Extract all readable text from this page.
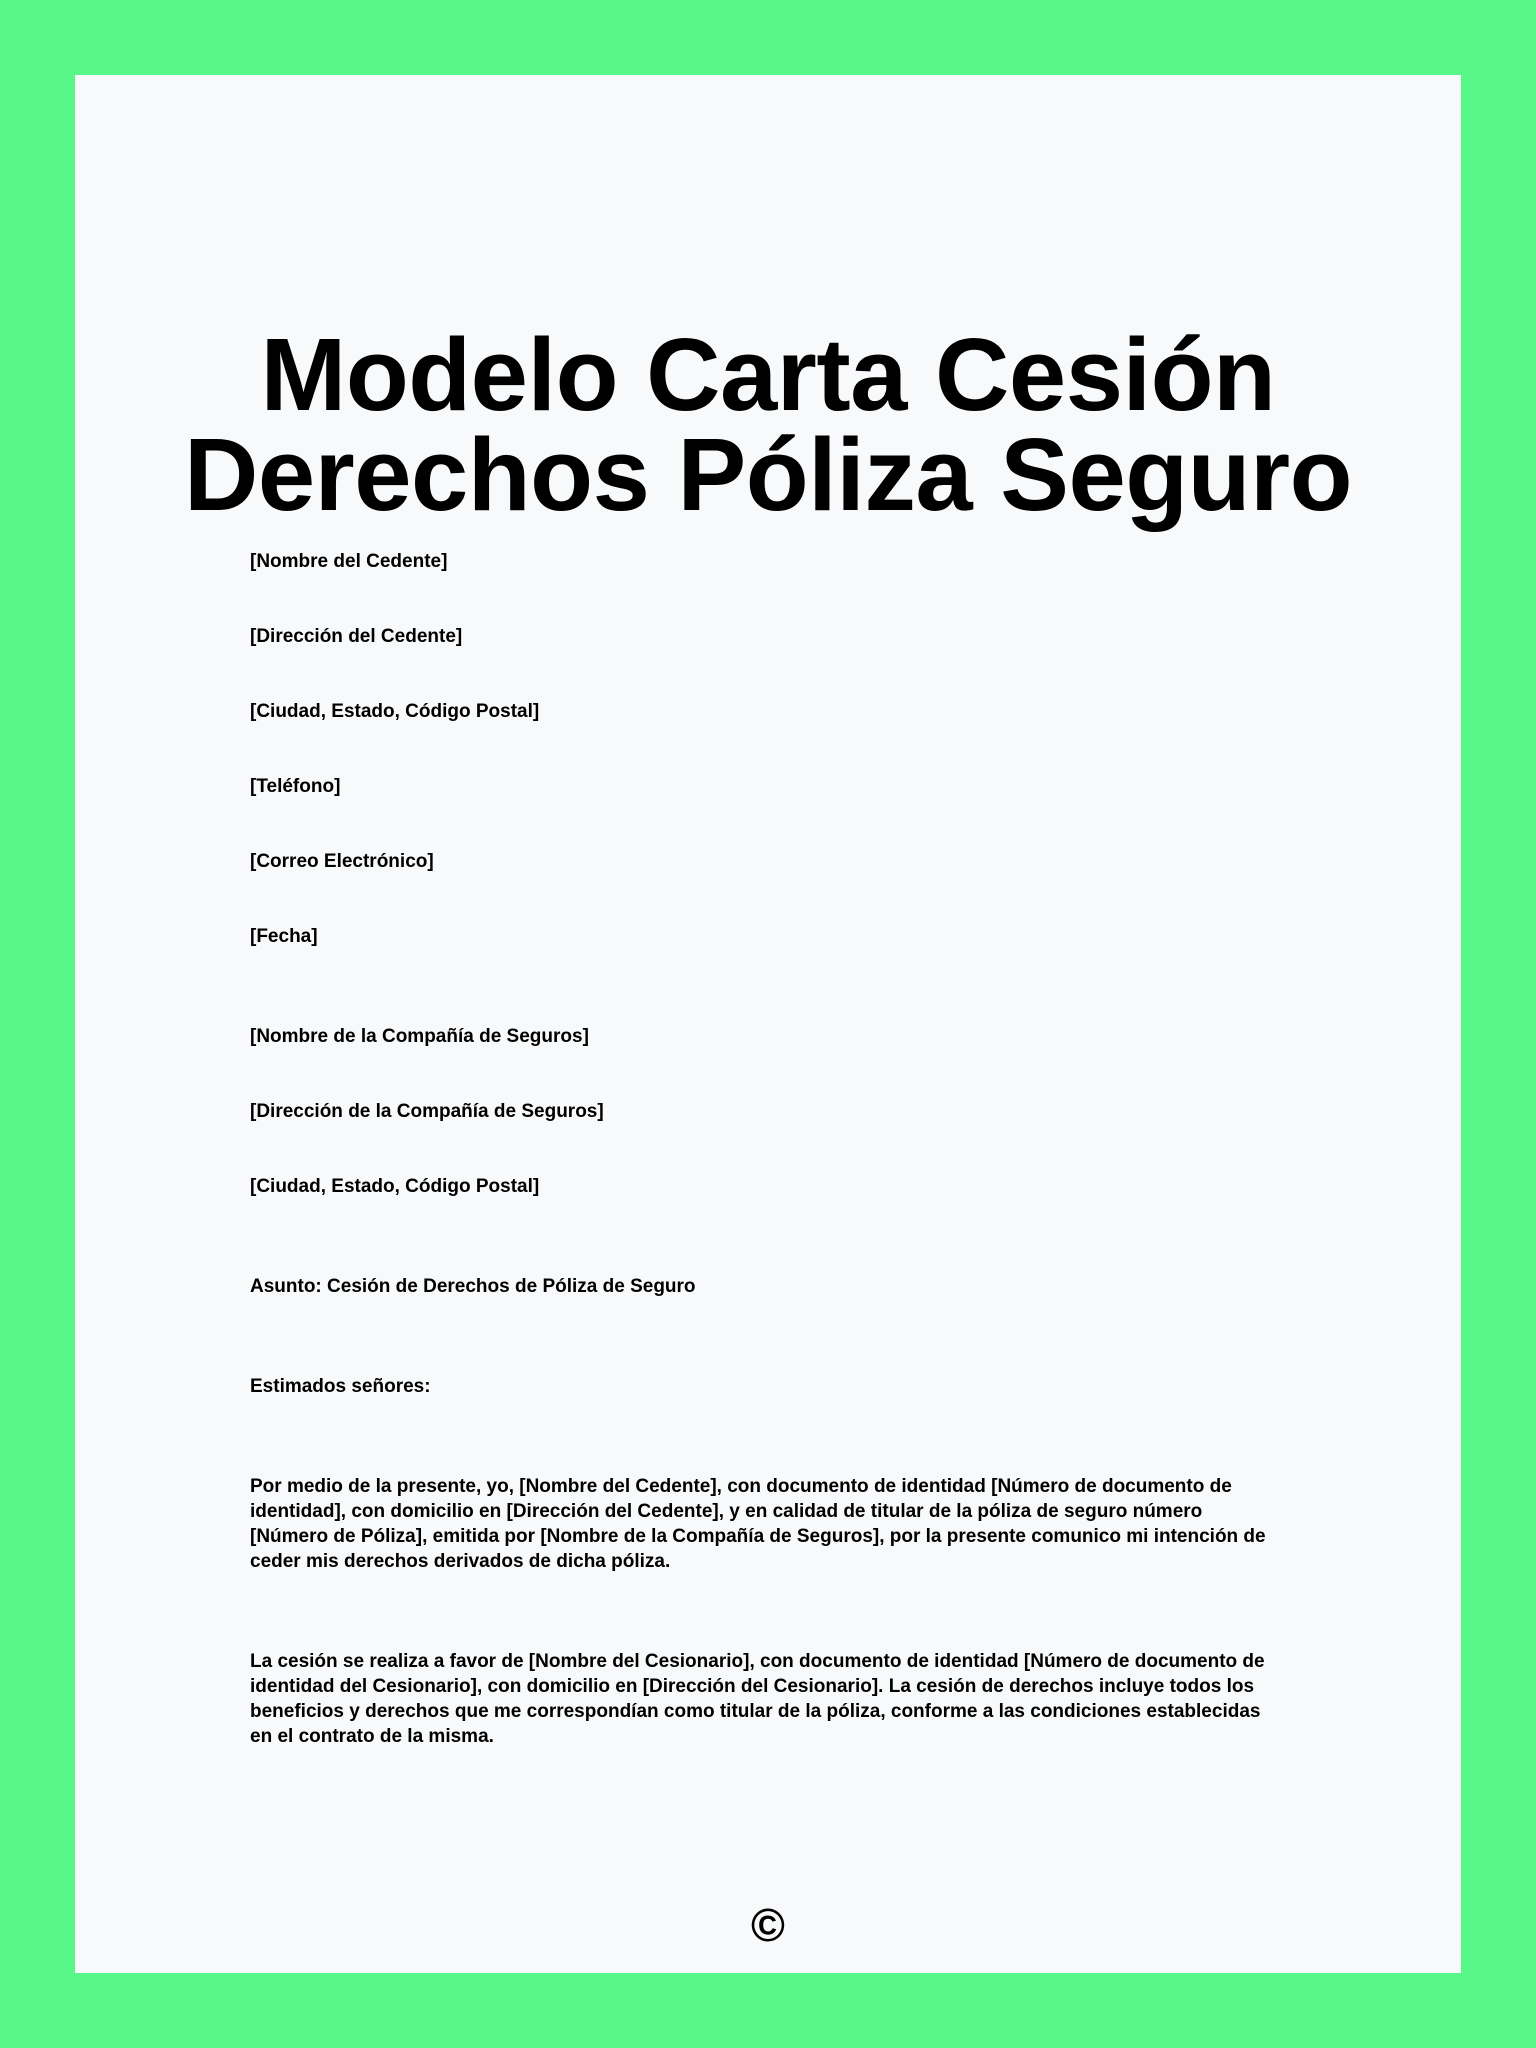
Modelo Carta Cesión
Derechos Póliza Seguro

[Nombre del Cedente]

[Dirección del Cedente]

[Ciudad, Estado, Código Postal]

[Teléfono]

[Correo Electrónico]

[Fecha]

[Nombre de la Compañía de Seguros]

[Dirección de la Compañía de Seguros]

[Ciudad, Estado, Código Postal]

Asunto: Cesión de Derechos de Póliza de Seguro

Estimados señores:

Por medio de la presente, yo, [Nombre del Cedente], con documento de identidad [Número de documento de identidad], con domicilio en [Dirección del Cedente], y en calidad de titular de la póliza de seguro número [Número de Póliza], emitida por [Nombre de la Compañía de Seguros], por la presente comunico mi intención de ceder mis derechos derivados de dicha póliza.

La cesión se realiza a favor de [Nombre del Cesionario], con documento de identidad [Número de documento de identidad del Cesionario], con domicilio en [Dirección del Cesionario]. La cesión de derechos incluye todos los beneficios y derechos que me correspondían como titular de la póliza, conforme a las condiciones establecidas en el contrato de la misma.

©
